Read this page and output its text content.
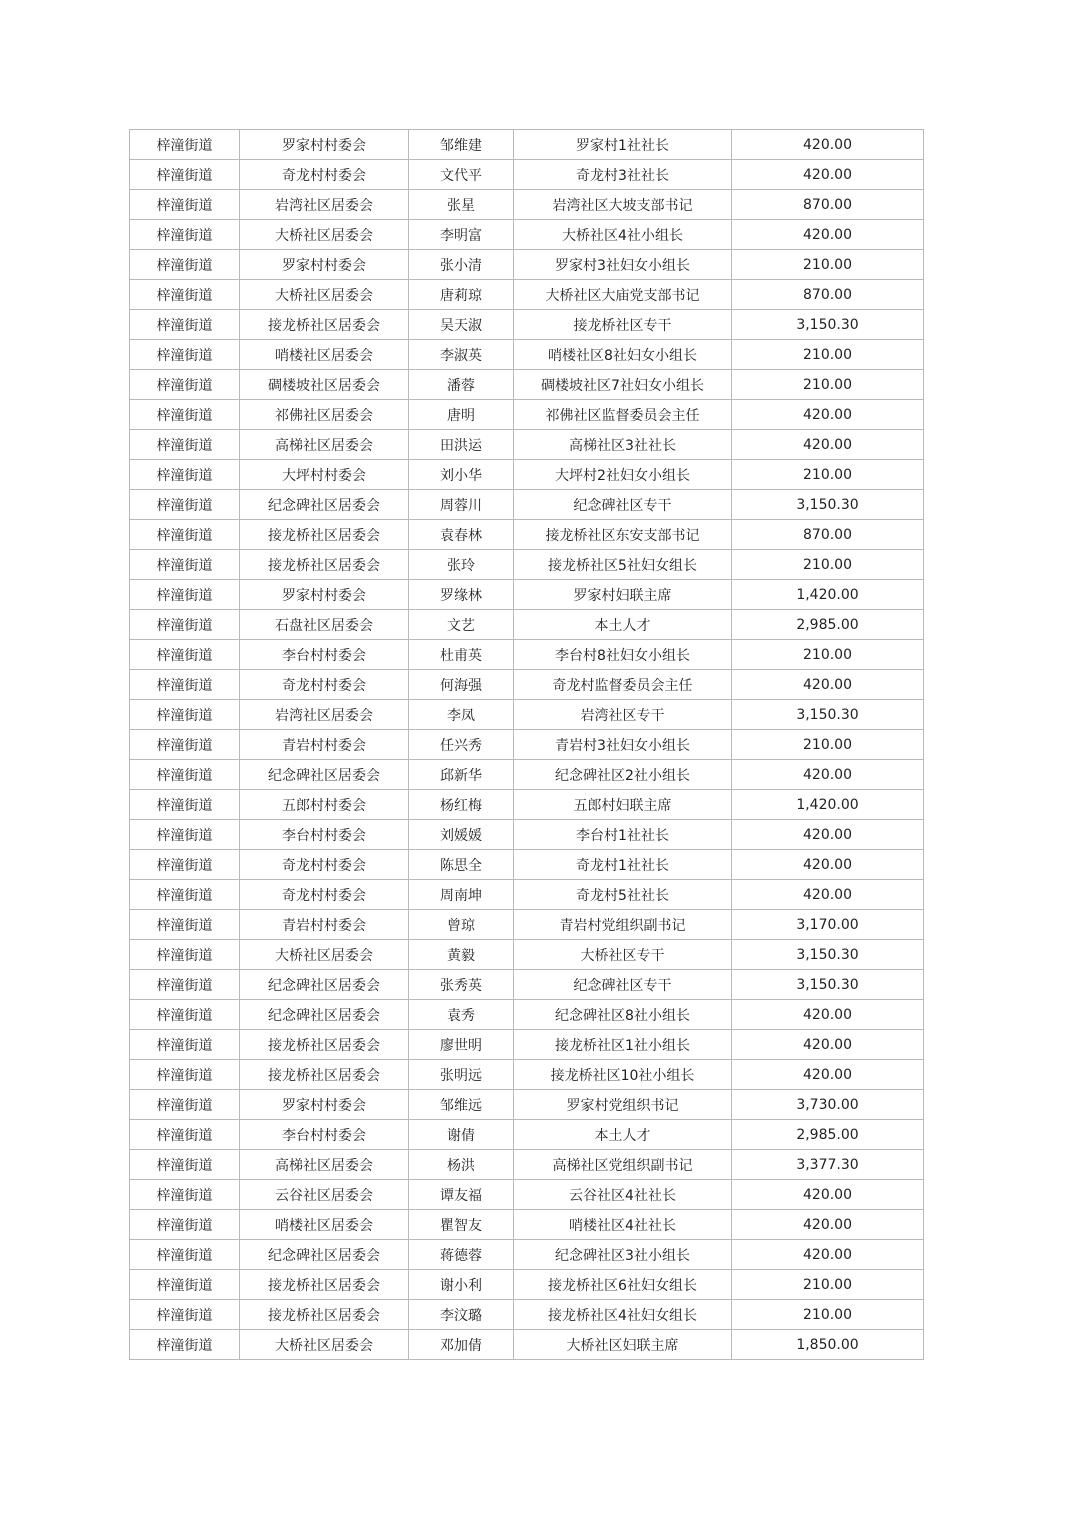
梓潼街道	罗家村村委会	邹维建	罗家村1社社长	420.00
梓潼街道	奇龙村村委会	文代平	奇龙村3社社长	420.00
梓潼街道	岩湾社区居委会	张星	岩湾社区大坡支部书记	870.00
梓潼街道	大桥社区居委会	李明富	大桥社区4社小组长	420.00
梓潼街道	罗家村村委会	张小清	罗家村3社妇女小组长	210.00
梓潼街道	大桥社区居委会	唐莉琼	大桥社区大庙党支部书记	870.00
梓潼街道	接龙桥社区居委会	吴天淑	接龙桥社区专干	3,150.30
梓潼街道	哨楼社区居委会	李淑英	哨楼社区8社妇女小组长	210.00
梓潼街道	碉楼坡社区居委会	潘蓉	碉楼坡社区7社妇女小组长	210.00
梓潼街道	祁佛社区居委会	唐明	祁佛社区监督委员会主任	420.00
梓潼街道	高梯社区居委会	田洪运	高梯社区3社社长	420.00
梓潼街道	大坪村村委会	刘小华	大坪村2社妇女小组长	210.00
梓潼街道	纪念碑社区居委会	周蓉川	纪念碑社区专干	3,150.30
梓潼街道	接龙桥社区居委会	袁春林	接龙桥社区东安支部书记	870.00
梓潼街道	接龙桥社区居委会	张玲	接龙桥社区5社妇女组长	210.00
梓潼街道	罗家村村委会	罗缘林	罗家村妇联主席	1,420.00
梓潼街道	石盘社区居委会	文艺	本土人才	2,985.00
梓潼街道	李台村村委会	杜甫英	李台村8社妇女小组长	210.00
梓潼街道	奇龙村村委会	何海强	奇龙村监督委员会主任	420.00
梓潼街道	岩湾社区居委会	李凤	岩湾社区专干	3,150.30
梓潼街道	青岩村村委会	任兴秀	青岩村3社妇女小组长	210.00
梓潼街道	纪念碑社区居委会	邱新华	纪念碑社区2社小组长	420.00
梓潼街道	五郎村村委会	杨红梅	五郎村妇联主席	1,420.00
梓潼街道	李台村村委会	刘媛媛	李台村1社社长	420.00
梓潼街道	奇龙村村委会	陈思全	奇龙村1社社长	420.00
梓潼街道	奇龙村村委会	周南坤	奇龙村5社社长	420.00
梓潼街道	青岩村村委会	曾琼	青岩村党组织副书记	3,170.00
梓潼街道	大桥社区居委会	黄毅	大桥社区专干	3,150.30
梓潼街道	纪念碑社区居委会	张秀英	纪念碑社区专干	3,150.30
梓潼街道	纪念碑社区居委会	袁秀	纪念碑社区8社小组长	420.00
梓潼街道	接龙桥社区居委会	廖世明	接龙桥社区1社小组长	420.00
梓潼街道	接龙桥社区居委会	张明远	接龙桥社区10社小组长	420.00
梓潼街道	罗家村村委会	邹维远	罗家村党组织书记	3,730.00
梓潼街道	李台村村委会	谢倩	本土人才	2,985.00
梓潼街道	高梯社区居委会	杨洪	高梯社区党组织副书记	3,377.30
梓潼街道	云谷社区居委会	谭友福	云谷社区4社社长	420.00
梓潼街道	哨楼社区居委会	瞿智友	哨楼社区4社社长	420.00
梓潼街道	纪念碑社区居委会	蒋德蓉	纪念碑社区3社小组长	420.00
梓潼街道	接龙桥社区居委会	谢小利	接龙桥社区6社妇女组长	210.00
梓潼街道	接龙桥社区居委会	李汶璐	接龙桥社区4社妇女组长	210.00
梓潼街道	大桥社区居委会	邓加倩	大桥社区妇联主席	1,850.00
